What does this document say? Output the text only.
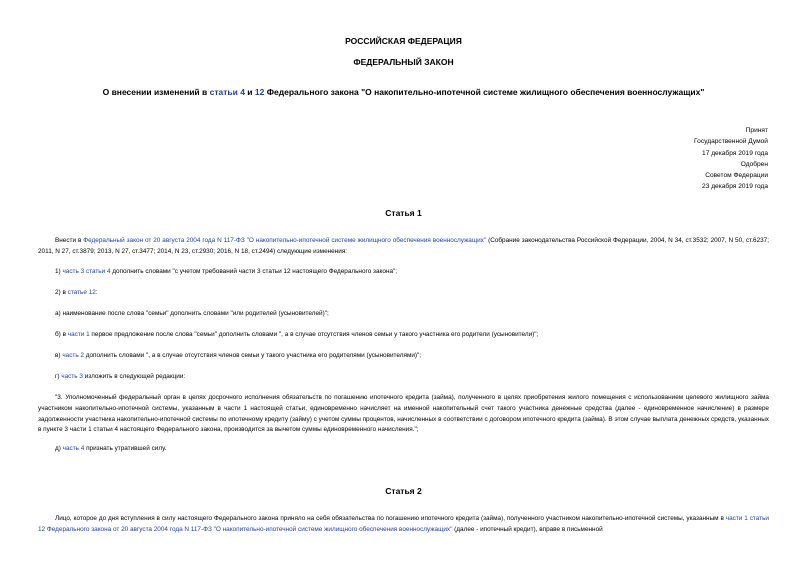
РОССИЙСКАЯ ФЕДЕРАЦИЯ
ФЕДЕРАЛЬНЫЙ ЗАКОН
О внесении изменений в статьи 4 и 12 Федерального закона "О накопительно-ипотечной системе жилищного обеспечения военнослужащих"
Принят
Государственной Думой
17 декабря 2019 года
Одобрен
Советом Федерации
23 декабря 2019 года
Статья 1
Внести в Федеральный закон от 20 августа 2004 года N 117-ФЗ "О накопительно-ипотечной системе жилищного обеспечения военнослужащих" (Собрание законодательства Российской Федерации, 2004, N 34, ст.3532; 2007, N 50, ст.6237; 2011, N 27, ст.3879; 2013, N 27, ст.3477; 2014, N 23, ст.2930; 2016, N 18, ст.2494) следующие изменения:
1) часть 3 статьи 4 дополнить словами "с учетом требований части 3 статьи 12 настоящего Федерального закона";
2) в статье 12:
а) наименование после слова "семьи" дополнить словами "или родителей (усыновителей)";
б) в части 1 первое предложение после слова "семьи" дополнить словами ", а в случае отсутствия членов семьи у такого участника его родители (усыновители)";
в) часть 2 дополнить словами ", а в случае отсутствия членов семьи у такого участника его родителями (усыновителями)";
г) часть 3 изложить в следующей редакции:
"3. Уполномоченный федеральный орган в целях досрочного исполнения обязательств по погашению ипотечного кредита (займа), полученного в целях приобретения жилого помещения с использованием целевого жилищного займа участником накопительно-ипотечной системы, указанным в части 1 настоящей статьи, единовременно начисляет на именной накопительный счет такого участника денежные средства (далее - единовременное начисление) в размере задолженности участника накопительно-ипотечной системы по ипотечному кредиту (займу) с учетом суммы процентов, начисленных в соответствии с договором ипотечного кредита (займа). В этом случае выплата денежных средств, указанных в пункте 3 части 1 статьи 4 настоящего Федерального закона, производится за вычетом суммы единовременного начисления.";
д) часть 4 признать утратившей силу.
Статья 2
Лицо, которое до дня вступления в силу настоящего Федерального закона приняло на себя обязательства по погашению ипотечного кредита (займа), полученного участником накопительно-ипотечной системы, указанным в части 1 статьи 12 Федерального закона от 20 августа 2004 года N 117-ФЗ "О накопительно-ипотечной системе жилищного обеспечения военнослужащих" (далее - ипотечный кредит), вправе в письменной
